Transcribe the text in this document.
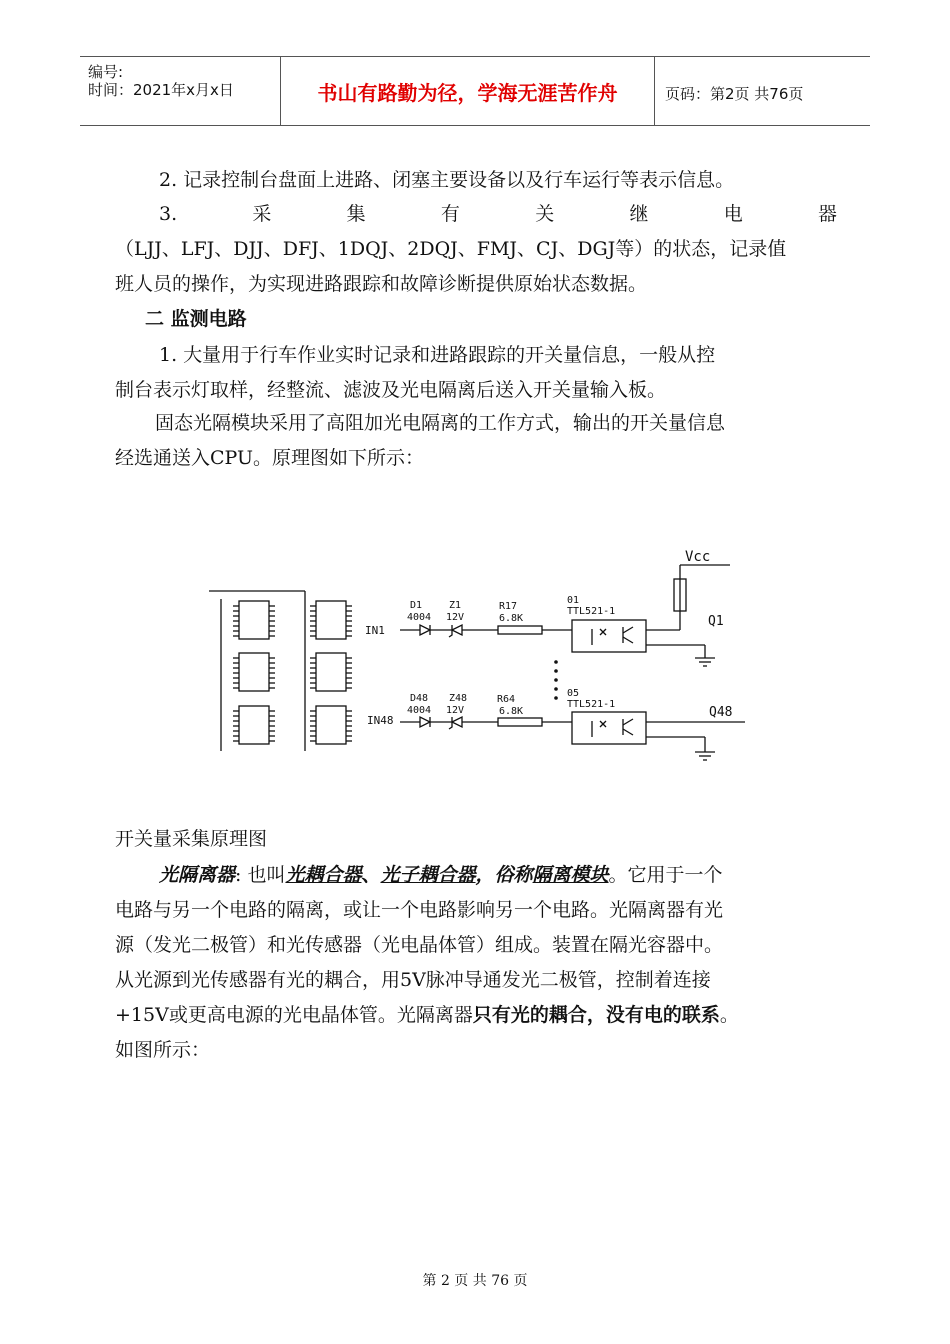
编号:
时间：2021年x月x日	书山有路勤为径，学海无涯苦作舟	页码：第2页 共76页
2. 记录控制台盘面上进路、闭塞主要设备以及行车运行等表示信息。
3.	采	集	有	关	继	电	器
（LJJ、LFJ、DJJ、DFJ、1DQJ、2DQJ、FMJ、CJ、DGJ等）的状态，记录值
班人员的操作，为实现进路跟踪和故障诊断提供原始状态数据。
二 监测电路
1. 大量用于行车作业实时记录和进路跟踪的开关量信息，一般从控
制台表示灯取样，经整流、滤波及光电隔离后送入开关量输入板。
固态光隔模块采用了高阻加光电隔离的工作方式，输出的开关量信息
经选通送入CPU。原理图如下所示：
Vcc
IN1
D1
4004
Z1
12V
R17
6.8K
01
TTL521-1
Q1
IN48
D48
4004
Z48
12V
R64
6.8K
05
TTL521-1
Q48
开关量采集原理图
光隔离器: 也叫光耦合器、光子耦合器，俗称隔离模块。它用于一个
电路与另一个电路的隔离，或让一个电路影响另一个电路。光隔离器有光
源（发光二极管）和光传感器（光电晶体管）组成。装置在隔光容器中。
从光源到光传感器有光的耦合，用5V脉冲导通发光二极管，控制着连接
+15V或更高电源的光电晶体管。光隔离器只有光的耦合，没有电的联系。
如图所示：
第 2 页 共 76 页
